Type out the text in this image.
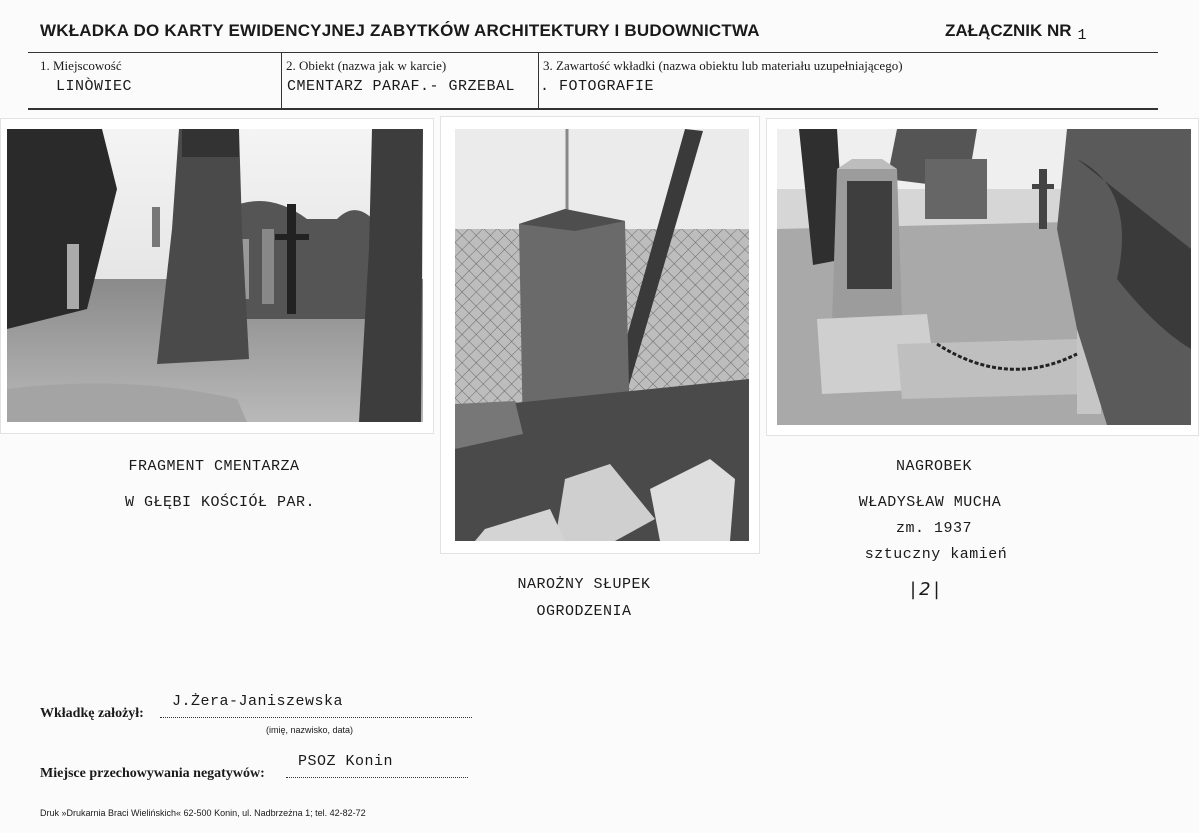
WKŁADKA DO KARTY EWIDENCYJNEJ ZABYTKÓW ARCHITEKTURY I BUDOWNICTWA	ZAŁĄCZNIK NR 1
1. Miejscowość
LINÒWIEC
2. Obiekt (nazwa jak w karcie)
CMENTARZ PARAF.- GRZEBAL
3. Zawartość wkładki (nazwa obiektu lub materiału uzupełniającego)
. FOTOGRAFIE
FRAGMENT CMENTARZA
W GŁĘBI KOŚCIÓŁ PAR.
NAROŻNY SŁUPEK
OGRODZENIA
NAGROBEK
WŁADYSŁAW MUCHA
zm. 1937
sztuczny kamień
|2|
Wkładkę założył:
J.Żera-Janiszewska
(imię, nazwisko, data)
Miejsce przechowywania negatywów:
PSOZ Konin
Druk »Drukarnia Braci Wielińskich« 62-500 Konin, ul. Nadbrzeżna 1; tel. 42-82-72
